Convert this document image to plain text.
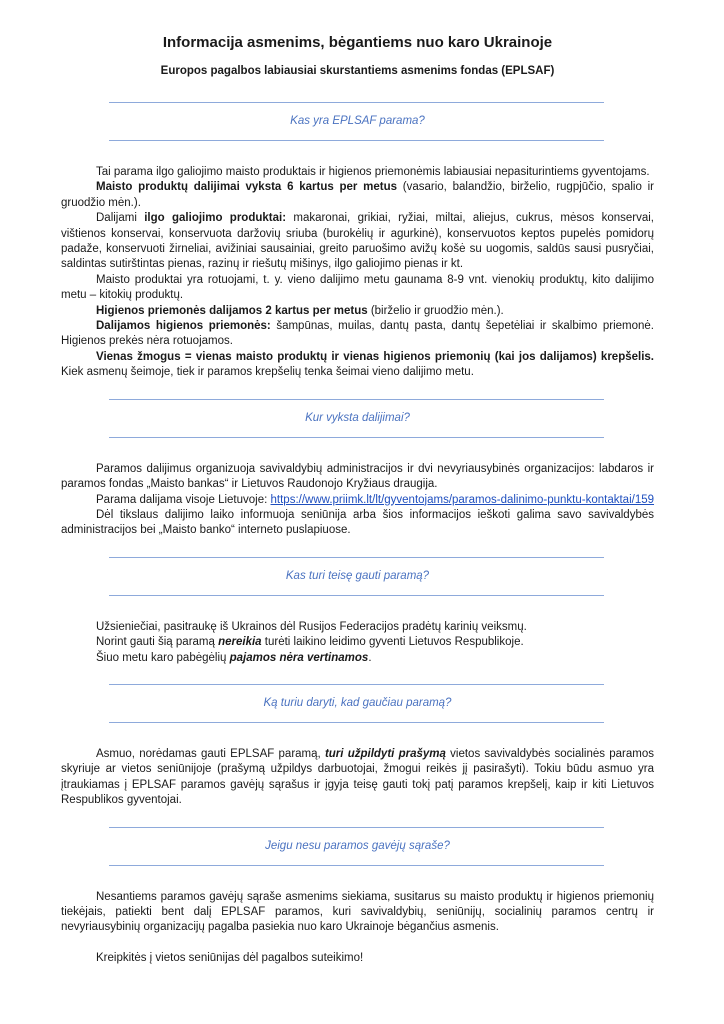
Informacija asmenims, bėgantiems nuo karo Ukrainoje

Europos pagalbos labiausiai skurstantiems asmenims fondas (EPLSAF)

Kas yra EPLSAF parama?

Tai parama ilgo galiojimo maisto produktais ir higienos priemonėmis labiausiai nepasiturintiems gyventojams.

Maisto produktų dalijimai vyksta 6 kartus per metus (vasario, balandžio, birželio, rugpjūčio, spalio ir gruodžio mėn.).

Dalijami ilgo galiojimo produktai: makaronai, grikiai, ryžiai, miltai, aliejus, cukrus, mėsos konservai, vištienos konservai, konservuota daržovių sriuba (burokėlių ir agurkinė), konservuotos keptos pupelės pomidorų padaže, konservuoti žirneliai, avižiniai sausainiai, greito paruošimo avižų košė su uogomis, saldūs sausi pusryčiai, saldintas sutirštintas pienas, razinų ir riešutų mišinys, ilgo galiojimo pienas ir kt.

Maisto produktai yra rotuojami, t. y. vieno dalijimo metu gaunama 8-9 vnt. vienokių produktų, kito dalijimo metu – kitokių produktų.

Higienos priemonės dalijamos 2 kartus per metus (birželio ir gruodžio mėn.).

Dalijamos higienos priemonės: šampūnas, muilas, dantų pasta, dantų šepetėliai ir skalbimo priemonė. Higienos prekės nėra rotuojamos.

Vienas žmogus = vienas maisto produktų ir vienas higienos priemonių (kai jos dalijamos) krepšelis. Kiek asmenų šeimoje, tiek ir paramos krepšelių tenka šeimai vieno dalijimo metu.

Kur vyksta dalijimai?

Paramos dalijimus organizuoja savivaldybių administracijos ir dvi nevyriausybinės organizacijos: labdaros ir paramos fondas „Maisto bankas“ ir Lietuvos Raudonojo Kryžiaus draugija.

Parama dalijama visoje Lietuvoje: https://www.priimk.lt/lt/gyventojams/paramos-dalinimo-punktu-kontaktai/159

Dėl tikslaus dalijimo laiko informuoja seniūnija arba šios informacijos ieškoti galima savo savivaldybės administracijos bei „Maisto banko“ interneto puslapiuose.

Kas turi teisę gauti paramą?

Užsieniečiai, pasitraukę iš Ukrainos dėl Rusijos Federacijos pradėtų karinių veiksmų.

Norint gauti šią paramą nereikia turėti laikino leidimo gyventi Lietuvos Respublikoje.

Šiuo metu karo pabėgėlių pajamos nėra vertinamos.

Ką turiu daryti, kad gaučiau paramą?

Asmuo, norėdamas gauti EPLSAF paramą, turi užpildyti prašymą vietos savivaldybės socialinės paramos skyriuje ar vietos seniūnijoje (prašymą užpildys darbuotojai, žmogui reikės jį pasirašyti). Tokiu būdu asmuo yra įtraukiamas į EPLSAF paramos gavėjų sąrašus ir įgyja teisę gauti tokį patį paramos krepšelį, kaip ir kiti Lietuvos Respublikos gyventojai.

Jeigu nesu paramos gavėjų sąraše?

Nesantiems paramos gavėjų sąraše asmenims siekiama, susitarus su maisto produktų ir higienos priemonių tiekėjais, patiekti bent dalį EPLSAF paramos, kuri savivaldybių, seniūnijų, socialinių paramos centrų ir nevyriausybinių organizacijų pagalba pasiekia nuo karo Ukrainoje bėgančius asmenis.

Kreipkitės į vietos seniūnijas dėl pagalbos suteikimo!
